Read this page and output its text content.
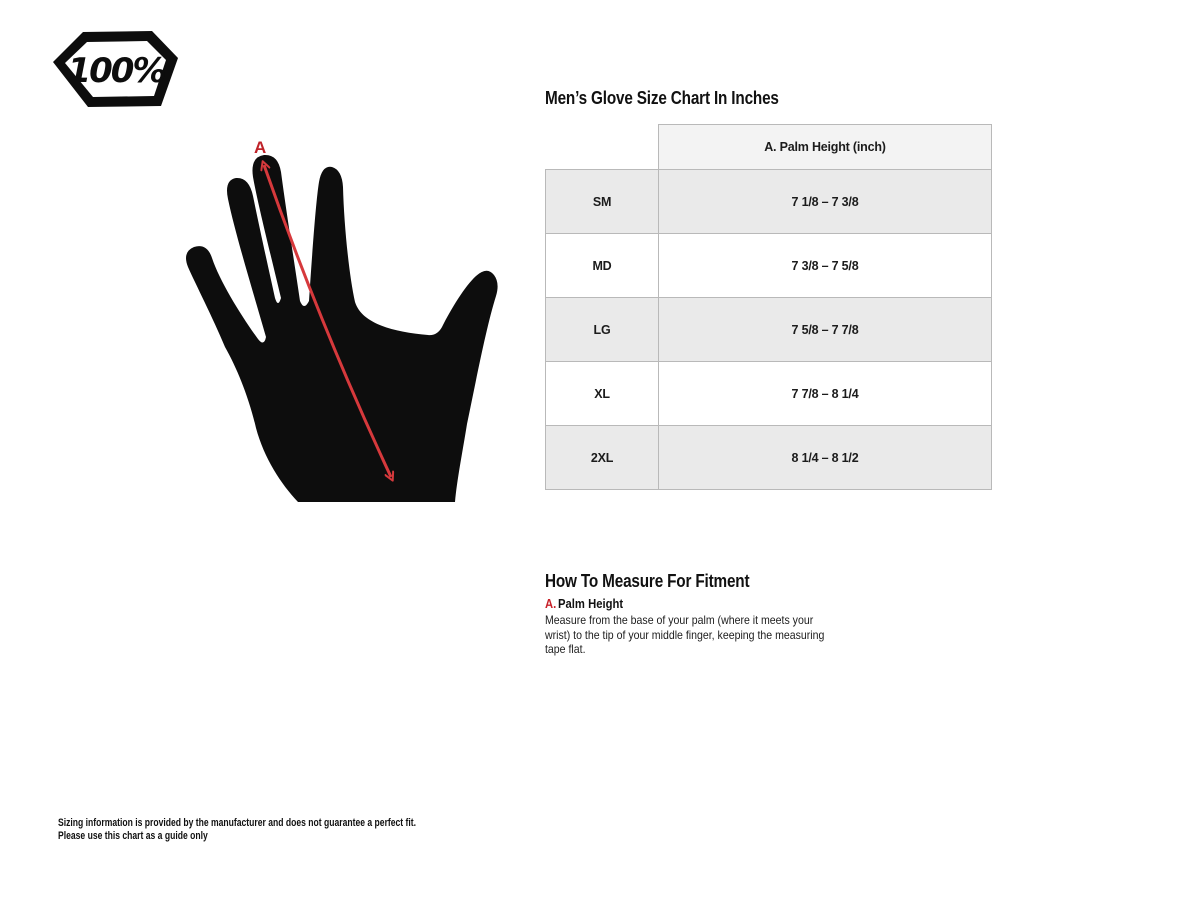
100%
A
Men’s Glove Size Chart In Inches
	A. Palm Height (inch)
SM	7 1/8 – 7 3/8
MD	7 3/8 – 7 5/8
LG	7 5/8 – 7 7/8
XL	7 7/8 – 8 1/4
2XL	8 1/4 – 8 1/2
How To Measure For Fitment
A. Palm Height
Measure from the base of your palm (where it meets your
wrist) to the tip of your middle finger, keeping the measuring
tape flat.
Sizing information is provided by the manufacturer and does not guarantee a perfect fit.
Please use this chart as a guide only
